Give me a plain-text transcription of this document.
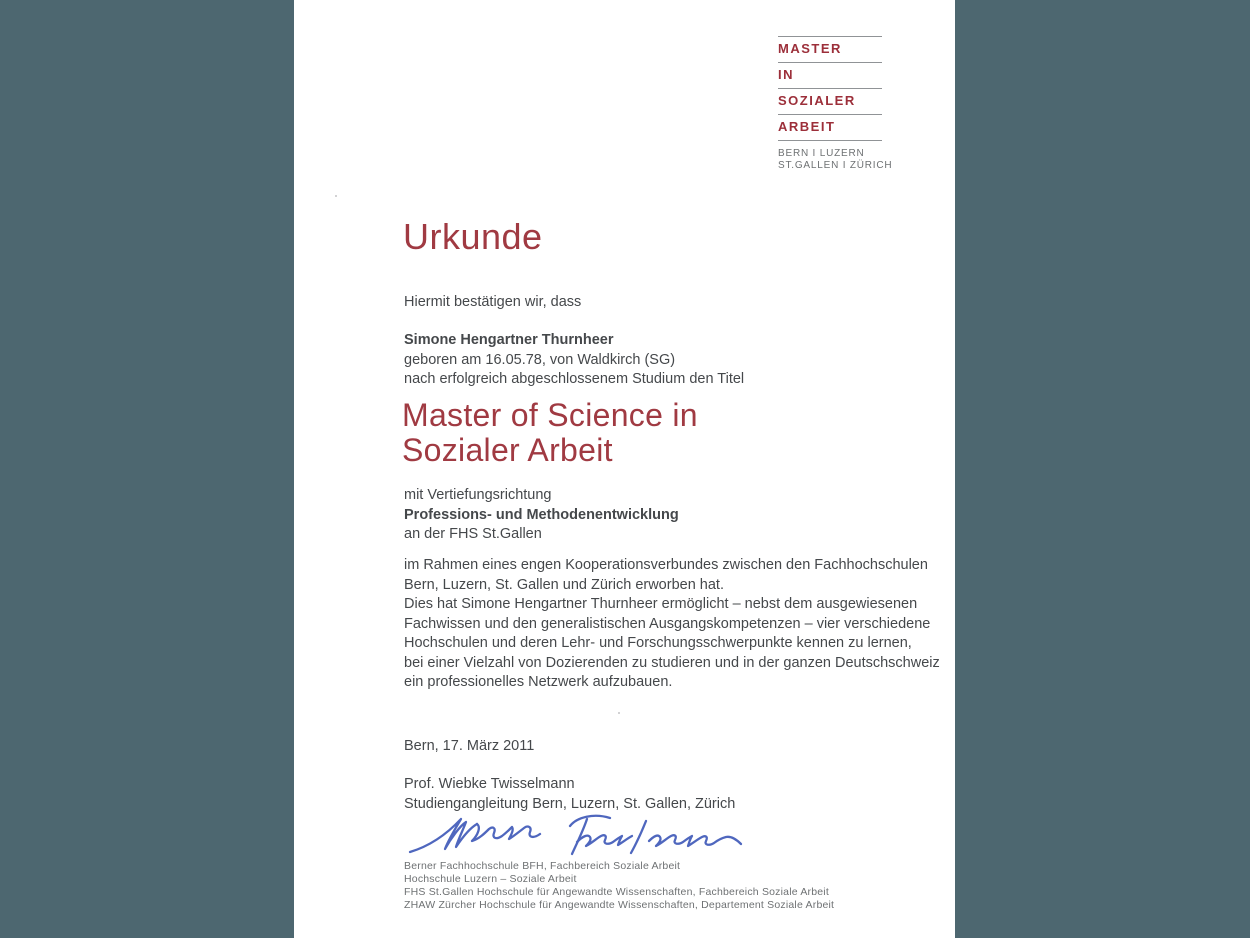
MASTER
IN
SOZIALER
ARBEIT
BERN I LUZERN
ST.GALLEN I ZÜRICH
Urkunde
Hiermit bestätigen wir, dass
Simone Hengartner Thurnheer
geboren am 16.05.78, von Waldkirch (SG)
nach erfolgreich abgeschlossenem Studium den Titel
Master of Science in
Sozialer Arbeit
mit Vertiefungsrichtung
Professions- und Methodenentwicklung
an der FHS St.Gallen
im Rahmen eines engen Kooperationsverbundes zwischen den Fachhochschulen
Bern, Luzern, St. Gallen und Zürich erworben hat.
Dies hat Simone Hengartner Thurnheer ermöglicht – nebst dem ausgewiesenen
Fachwissen und den generalistischen Ausgangskompetenzen – vier verschiedene
Hochschulen und deren Lehr- und Forschungsschwerpunkte kennen zu lernen,
bei einer Vielzahl von Dozierenden zu studieren und in der ganzen Deutschschweiz
ein professionelles Netzwerk aufzubauen.
Bern, 17. März 2011
Prof. Wiebke Twisselmann
Studiengangleitung Bern, Luzern, St. Gallen, Zürich
Berner Fachhochschule BFH, Fachbereich Soziale Arbeit
Hochschule Luzern – Soziale Arbeit
FHS St.Gallen Hochschule für Angewandte Wissenschaften, Fachbereich Soziale Arbeit
ZHAW Zürcher Hochschule für Angewandte Wissenschaften, Departement Soziale Arbeit
